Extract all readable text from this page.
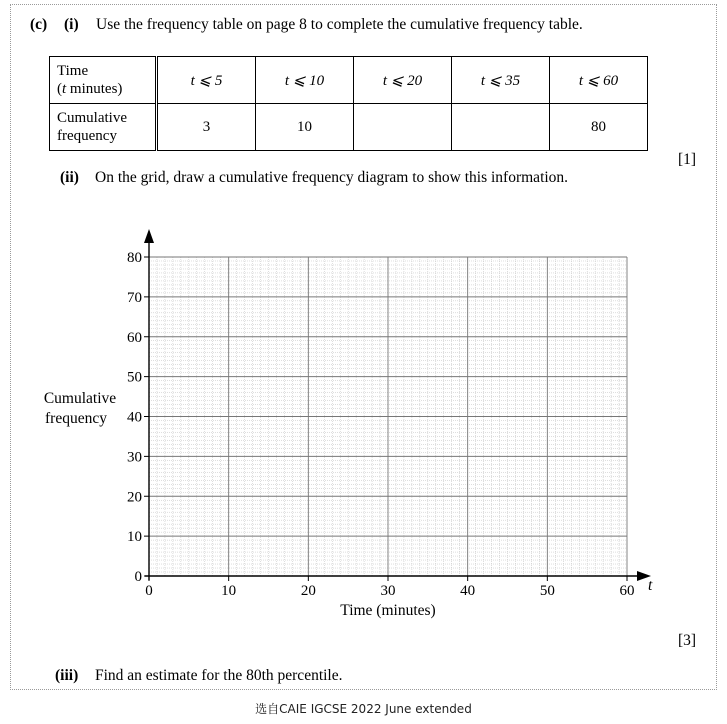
(c) (i) Use the frequency table on page 8 to complete the cumulative frequency table.
Time
(t minutes)	t ⩽ 5	t ⩽ 10	t ⩽ 20	t ⩽ 35	t ⩽ 60

Cumulative
frequency	3	10			80
[1]
(ii) On the grid, draw a cumulative frequency diagram to show this information.
0
10
20
30
40
50
60
70
80
0	10	20	30	40	50	60
Cumulative
frequency
Time (minutes)
t
[3]
(iii) Find an estimate for the 80th percentile.
选自CAIE IGCSE 2022 June extended
